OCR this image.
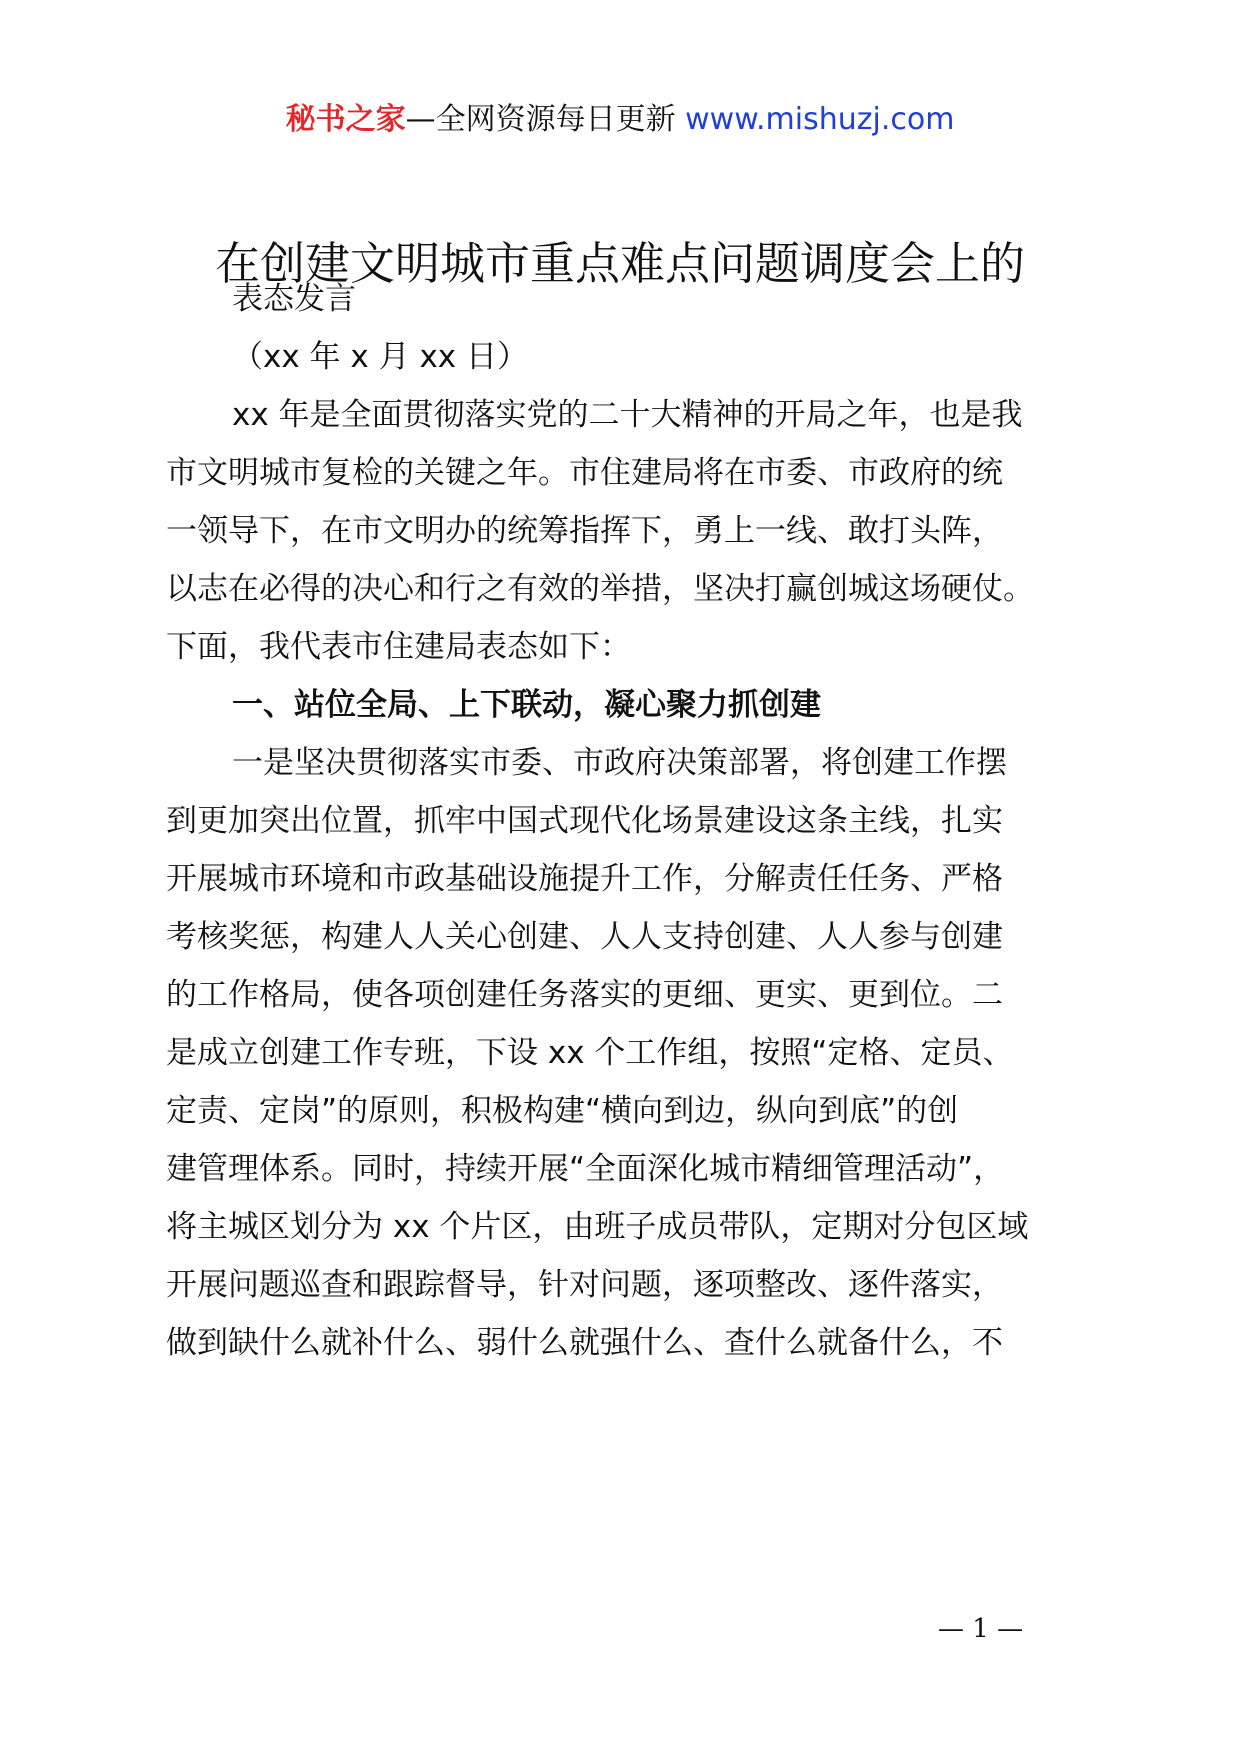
秘书之家—全网资源每日更新 www.mishuzj.com
在创建文明城市重点难点问题调度会上的
表态发言
（xx 年 x 月 xx 日）
xx 年是全面贯彻落实党的二十大精神的开局之年，也是我
市文明城市复检的关键之年。市住建局将在市委、市政府的统
一领导下，在市文明办的统筹指挥下，勇上一线、敢打头阵，
以志在必得的决心和行之有效的举措，坚决打赢创城这场硬仗。
下面，我代表市住建局表态如下：
一、站位全局、上下联动，凝心聚力抓创建
一是坚决贯彻落实市委、市政府决策部署，将创建工作摆
到更加突出位置，抓牢中国式现代化场景建设这条主线，扎实
开展城市环境和市政基础设施提升工作，分解责任任务、严格
考核奖惩，构建人人关心创建、人人支持创建、人人参与创建
的工作格局，使各项创建任务落实的更细、更实、更到位。二
是成立创建工作专班，下设 xx 个工作组，按照“定格、定员、
定责、定岗”的原则，积极构建“横向到边，纵向到底”的创
建管理体系。同时，持续开展“全面深化城市精细管理活动”，
将主城区划分为 xx 个片区，由班子成员带队，定期对分包区域
开展问题巡查和跟踪督导，针对问题，逐项整改、逐件落实，
做到缺什么就补什么、弱什么就强什么、查什么就备什么，不
— 1 —
